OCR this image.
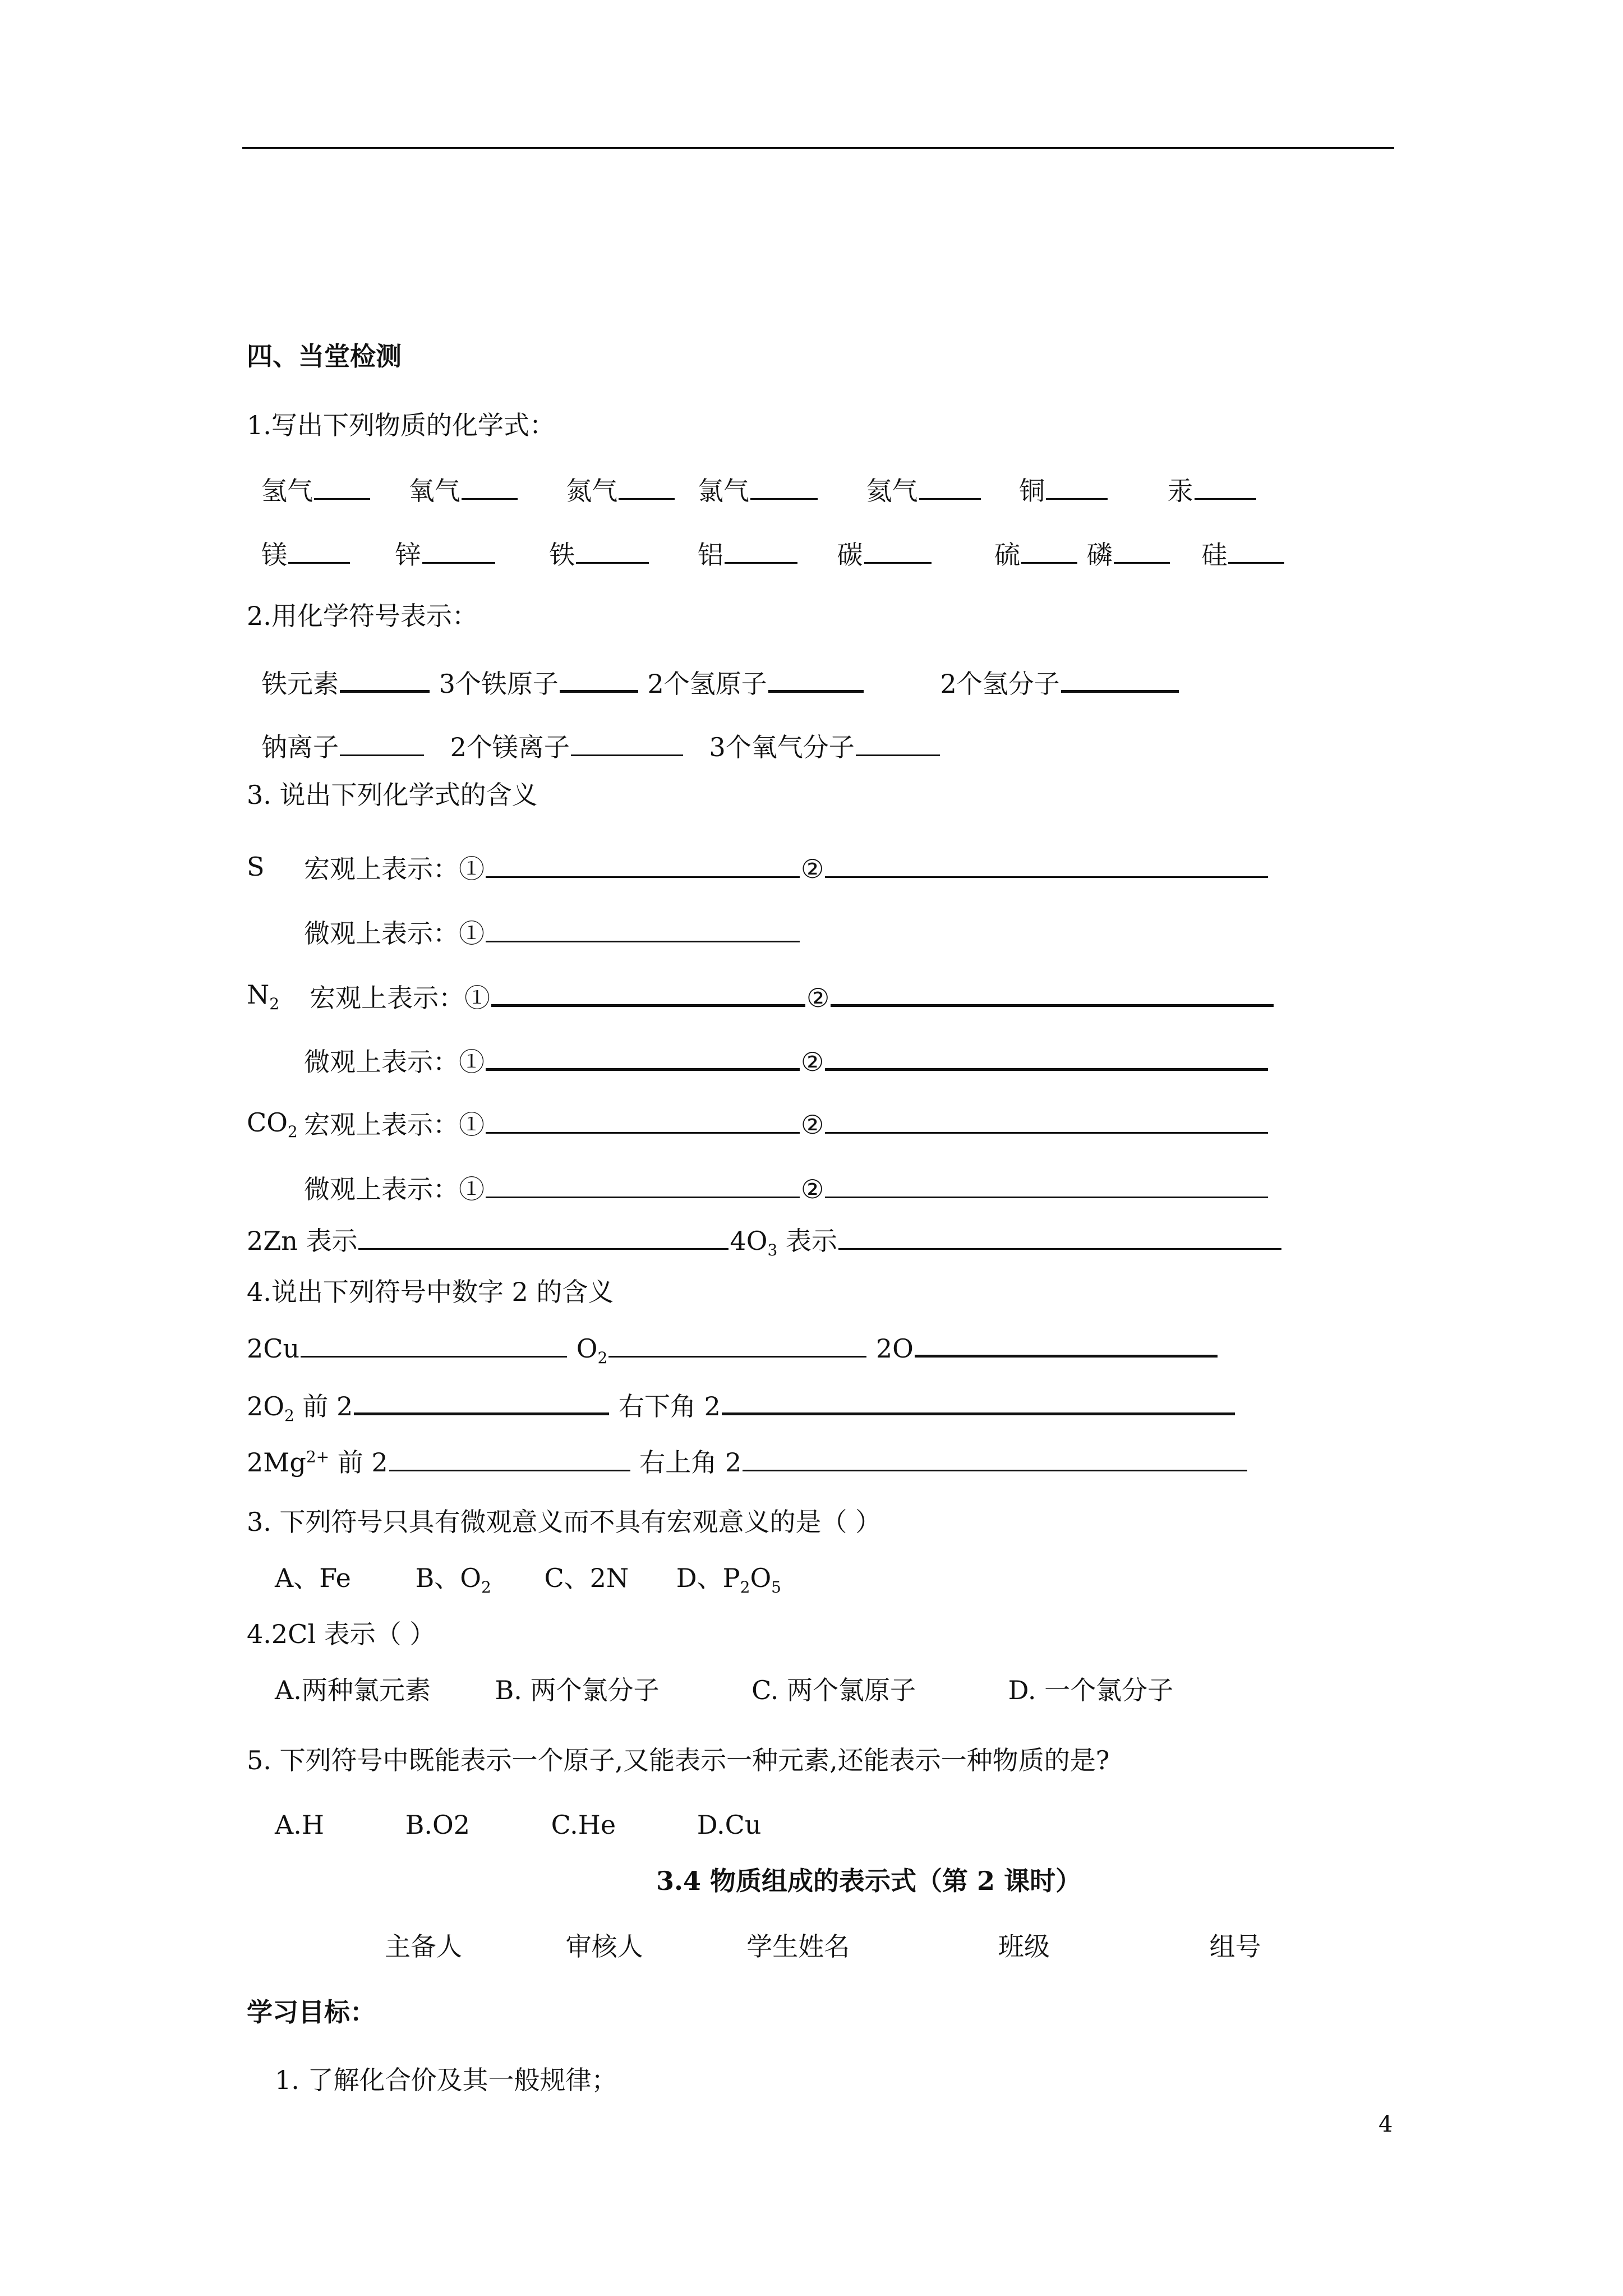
四、当堂检测
1.写出下列物质的化学式：
氢气	氧气	氮气	氯气	氦气	铜	汞
镁	锌	铁	铝	碳	硫	磷	硅
2.用化学符号表示：
铁元素	3个铁原子	2个氢原子	2个氢分子
钠离子	2个镁离子	3个氧气分子
3. 说出下列化学式的含义
S 宏观上表示：①	②
微观上表示：①
$N_2$ 宏观上表示：①	②
微观上表示：①	②
$CO_2$ 宏观上表示：①	②
微观上表示：①	②
2Zn 表示	$4O_3$ 表示
4.说出下列符号中数字 2 的含义
2Cu	$O_2$	2O
$2O_2$ 前 2	右下角 2
$2Mg^{2+}$ 前 2	右上角 2
3. 下列符号只具有微观意义而不具有宏观意义的是（ ）
A、Fe B、$O_2$ C、2N D、$P_2O_5$
4.2Cl 表示（ ）
A.两种氯元素 B. 两个氯分子	C. 两个氯原子	D. 一个氯分子
5. 下列符号中既能表示一个原子,又能表示一种元素,还能表示一种物质的是?
A.H	B.O2	C.He	D.Cu
3.4 物质组成的表示式（第 2 课时）
主备人	审核人	学生姓名	班级	组号
学习目标：
1. 了解化合价及其一般规律；
4
